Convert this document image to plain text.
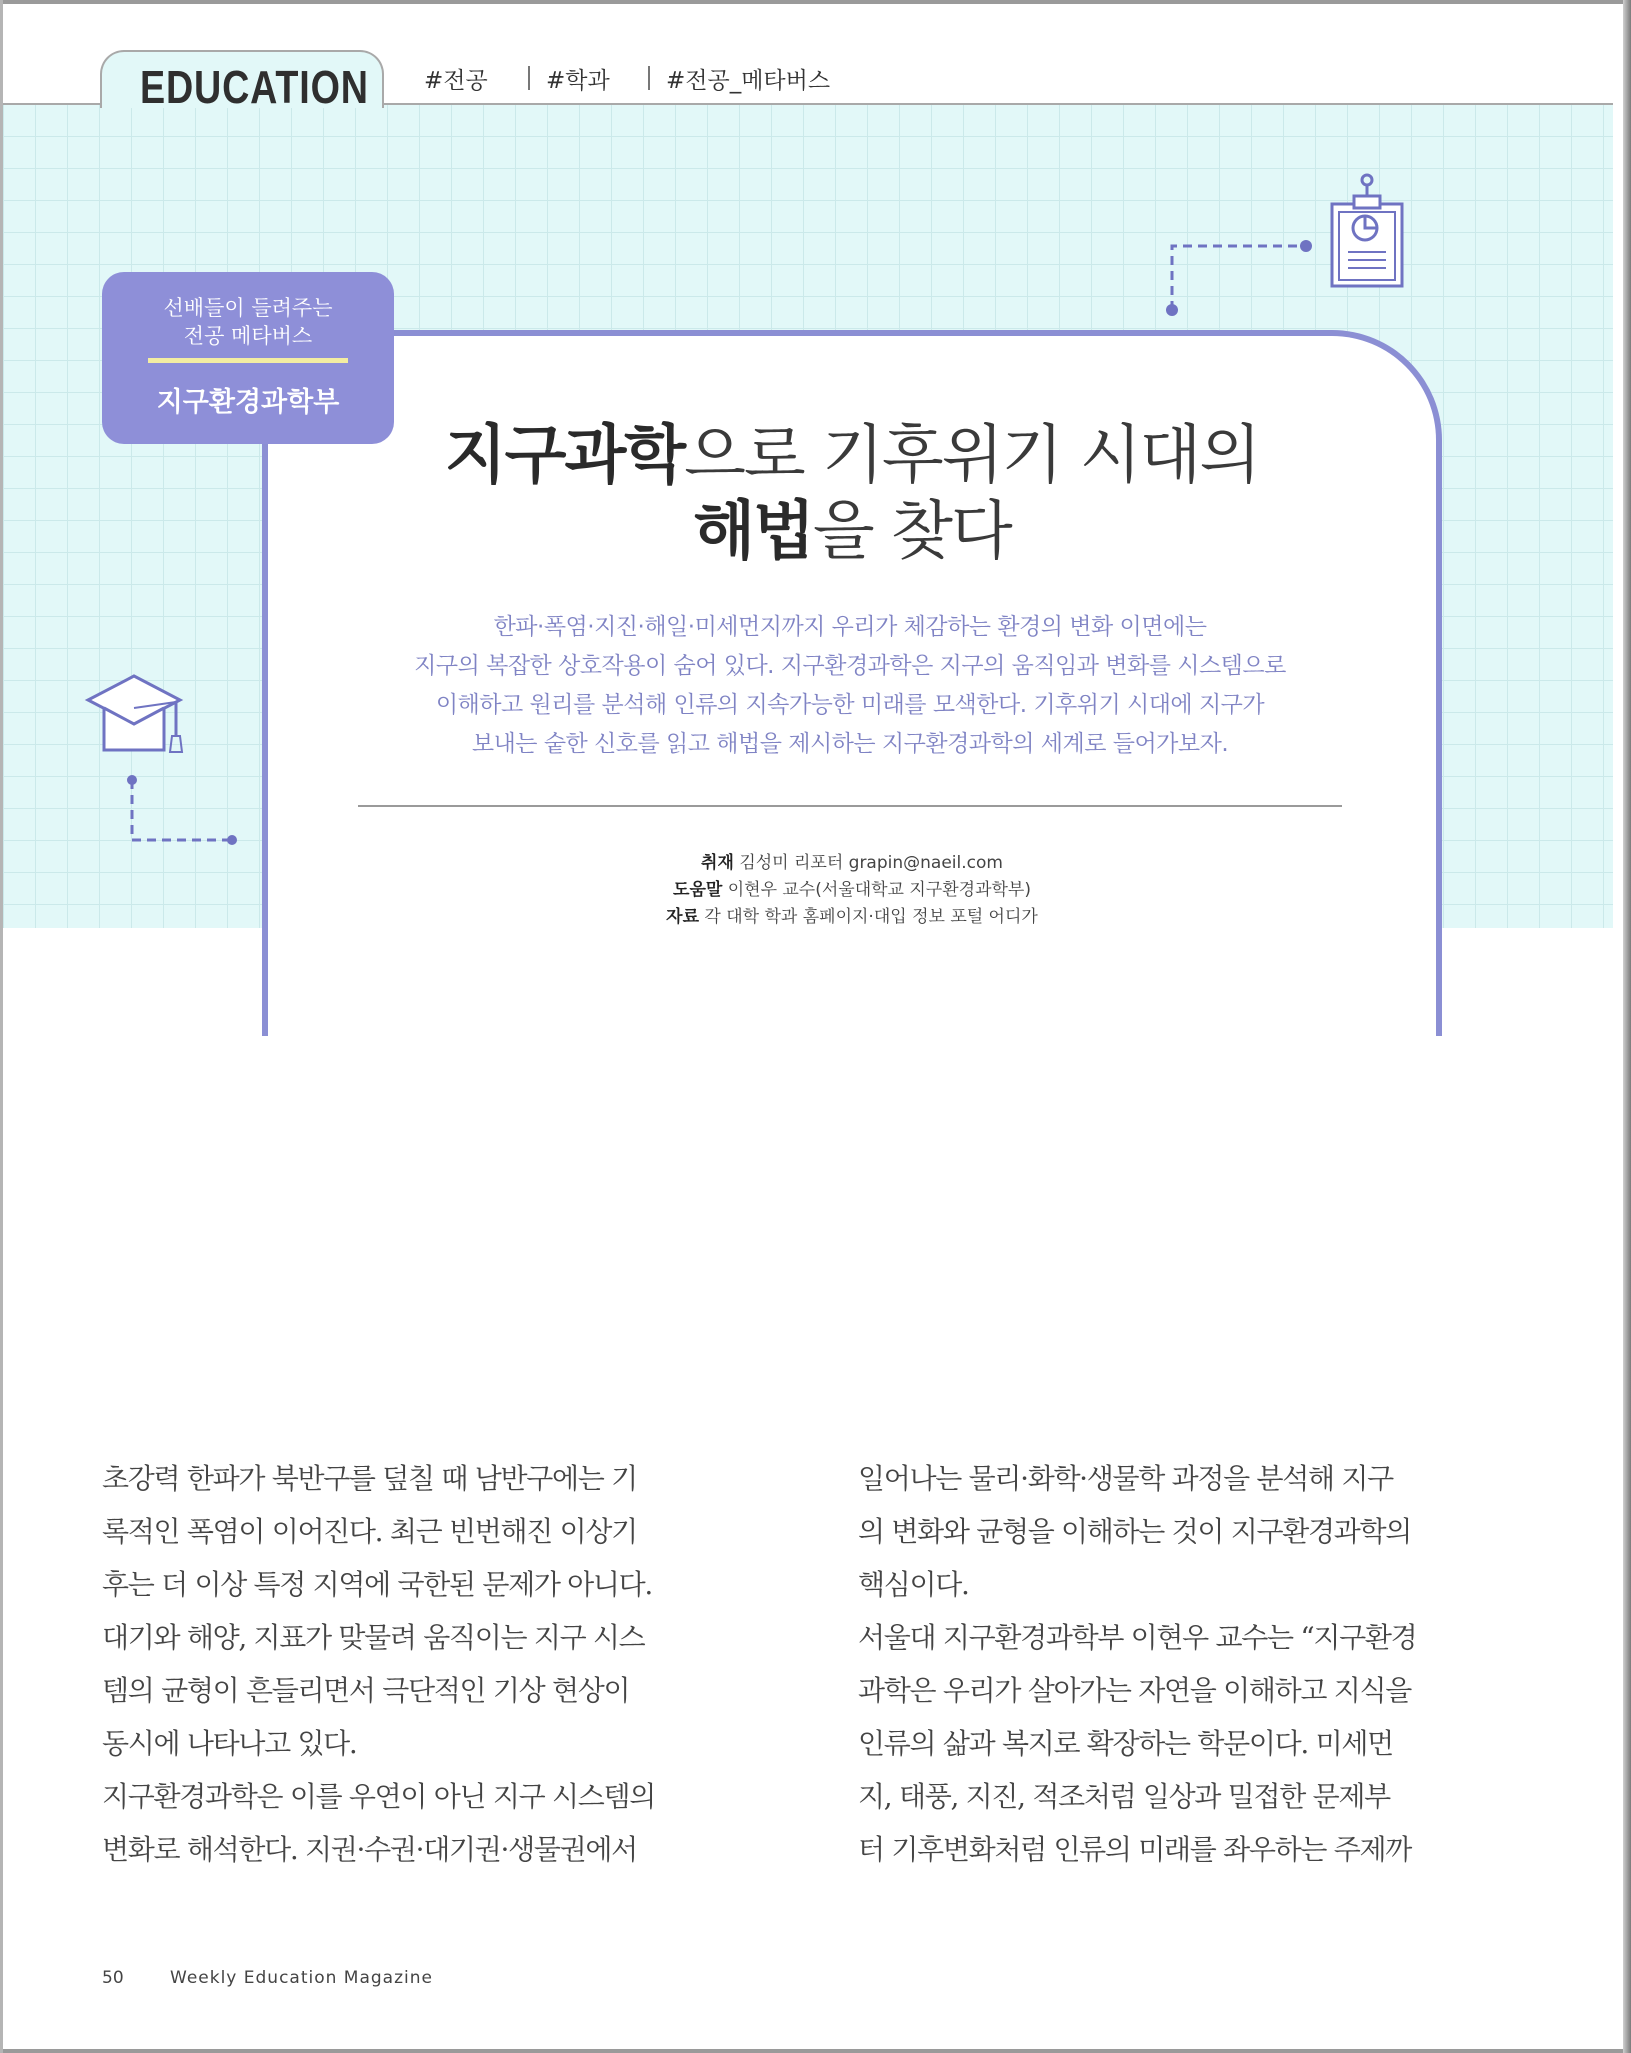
EDUCATION #전공	#학과 #전공_메타버스
선배들이 들려주는
전공 메타버스
지구환경과학부
지구과학으로 기후위기 시대의
해법을 찾다
한파·폭염·지진·해일·미세먼지까지 우리가 체감하는 환경의 변화 이면에는
지구의 복잡한 상호작용이 숨어 있다. 지구환경과학은 지구의 움직임과 변화를 시스템으로
이해하고 원리를 분석해 인류의 지속가능한 미래를 모색한다. 기후위기 시대에 지구가
보내는 숱한 신호를 읽고 해법을 제시하는 지구환경과학의 세계로 들어가보자.
취재 김성미 리포터 grapin@naeil.com
도움말 이현우 교수(서울대학교 지구환경과학부)
자료 각 대학 학과 홈페이지·대입 정보 포털 어디가

초강력 한파가 북반구를 덮칠 때 남반구에는 기

록적인 폭염이 이어진다. 최근 빈번해진 이상기

후는 더 이상 특정 지역에 국한된 문제가 아니다.

대기와 해양, 지표가 맞물려 움직이는 지구 시스

템의 균형이 흔들리면서 극단적인 기상 현상이

동시에 나타나고 있다.

지구환경과학은 이를 우연이 아닌 지구 시스템의

변화로 해석한다. 지권·수권·대기권·생물권에서

일어나는 물리·화학·생물학 과정을 분석해 지구

의 변화와 균형을 이해하는 것이 지구환경과학의

핵심이다.

서울대 지구환경과학부 이현우 교수는 “지구환경

과학은 우리가 살아가는 자연을 이해하고 지식을

인류의 삶과 복지로 확장하는 학문이다. 미세먼

지, 태풍, 지진, 적조처럼 일상과 밀접한 문제부

터 기후변화처럼 인류의 미래를 좌우하는 주제까

50	Weekly Education Magazine
